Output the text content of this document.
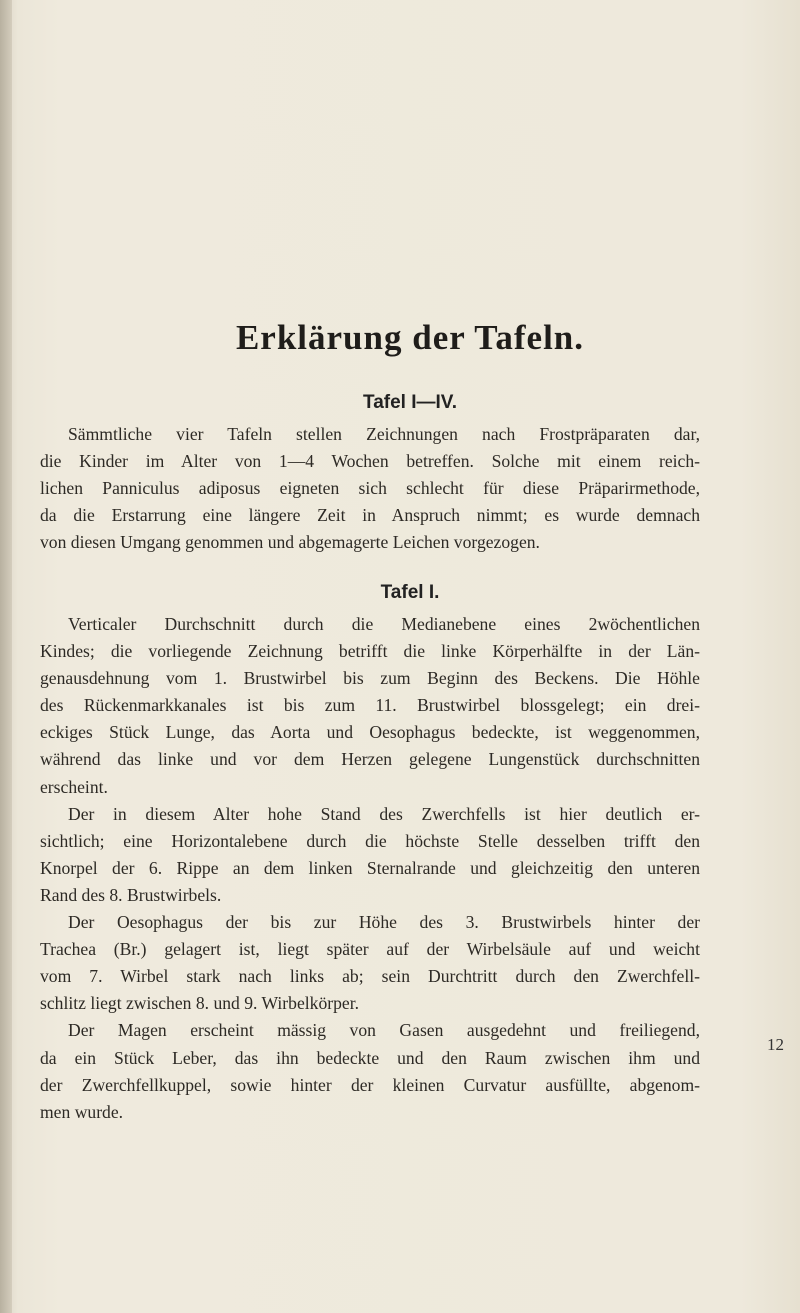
Erklärung der Tafeln.
Tafel I—IV.
Sämmtliche vier Tafeln stellen Zeichnungen nach Frostpräparaten dar,
die Kinder im Alter von 1—4 Wochen betreffen. Solche mit einem reich-
lichen Panniculus adiposus eigneten sich schlecht für diese Präparirmethode,
da die Erstarrung eine längere Zeit in Anspruch nimmt; es wurde demnach
von diesen Umgang genommen und abgemagerte Leichen vorgezogen.
Tafel I.
Verticaler Durchschnitt durch die Medianebene eines 2wöchentlichen
Kindes; die vorliegende Zeichnung betrifft die linke Körperhälfte in der Län-
genausdehnung vom 1. Brustwirbel bis zum Beginn des Beckens. Die Höhle
des Rückenmarkkanales ist bis zum 11. Brustwirbel blossgelegt; ein drei-
eckiges Stück Lunge, das Aorta und Oesophagus bedeckte, ist weggenommen,
während das linke und vor dem Herzen gelegene Lungenstück durchschnitten
erscheint.
Der in diesem Alter hohe Stand des Zwerchfells ist hier deutlich er-
sichtlich; eine Horizontalebene durch die höchste Stelle desselben trifft den
Knorpel der 6. Rippe an dem linken Sternalrande und gleichzeitig den unteren
Rand des 8. Brustwirbels.
Der Oesophagus der bis zur Höhe des 3. Brustwirbels hinter der
Trachea (Br.) gelagert ist, liegt später auf der Wirbelsäule auf und weicht
vom 7. Wirbel stark nach links ab; sein Durchtritt durch den Zwerchfell-
schlitz liegt zwischen 8. und 9. Wirbelkörper.
Der Magen erscheint mässig von Gasen ausgedehnt und freiliegend,
da ein Stück Leber, das ihn bedeckte und den Raum zwischen ihm und
der Zwerchfellkuppel, sowie hinter der kleinen Curvatur ausfüllte, abgenom-
men wurde.
12
